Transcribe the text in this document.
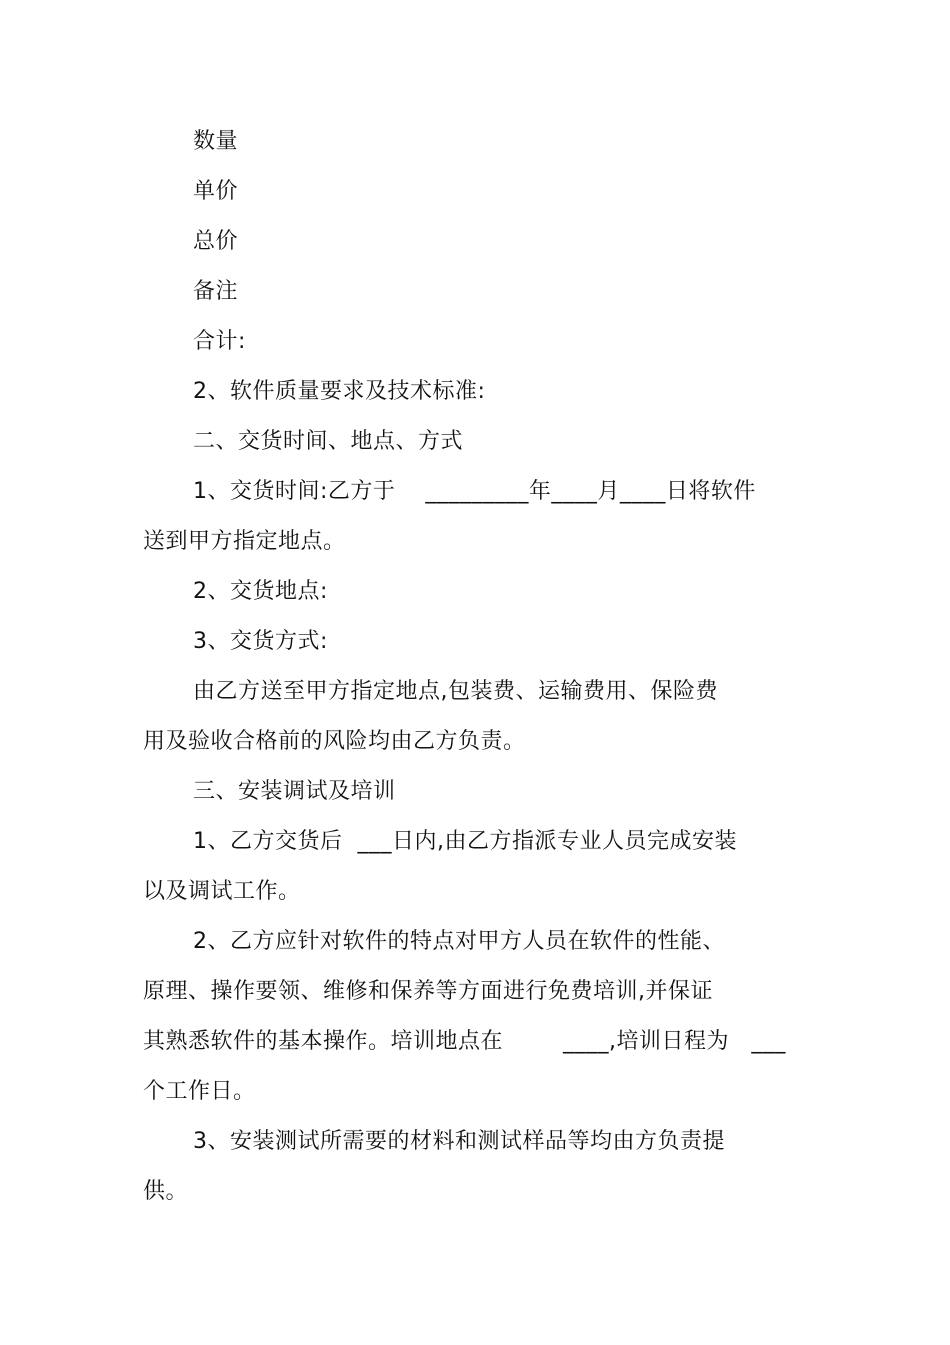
数量
单价
总价
备注
合计:
2、软件质量要求及技术标准:
二、交货时间、地点、方式
1、交货时间:乙方于    _________年____月____日将软件
送到甲方指定地点。
2、交货地点:
3、交货方式:
由乙方送至甲方指定地点,包装费、运输费用、保险费
用及验收合格前的风险均由乙方负责。
三、安装调试及培训
1、乙方交货后  ___日内,由乙方指派专业人员完成安装
以及调试工作。
2、乙方应针对软件的特点对甲方人员在软件的性能、
原理、操作要领、维修和保养等方面进行免费培训,并保证
其熟悉软件的基本操作。培训地点在        ____,培训日程为   ___
个工作日。
3、安装测试所需要的材料和测试样品等均由方负责提
供。
